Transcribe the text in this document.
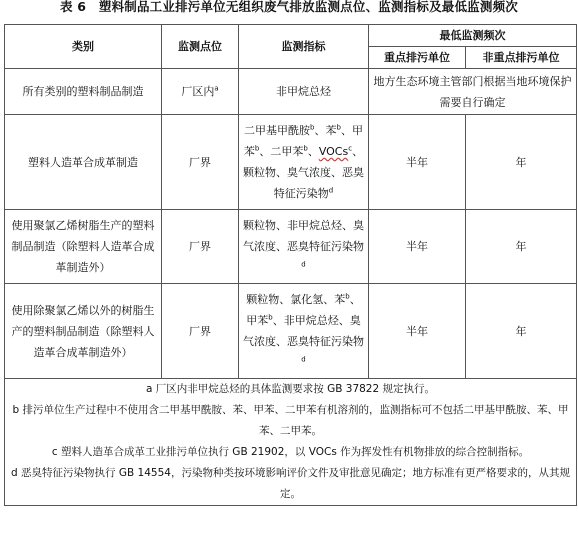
表 6　塑料制品工业排污单位无组织废气排放监测点位、监测指标及最低监测频次
类别	监测点位	监测指标	最低监测频次	
			重点排污单位	非重点排污单位
所有类别的塑料制品制造	厂区内$^a$	非甲烷总烃	地方生态环境主管部门根据当地环境保护需要自行确定	
塑料人造革合成革制造	厂界	二甲基甲酰胺$^b$、苯$^b$、甲苯$^b$、二甲苯$^b$、VOCs$^c$、颗粒物、臭气浓度、恶臭特征污染物$^d$	半年	年
使用聚氯乙烯树脂生产的塑料制品制造（除塑料人造革合成革制造外）	厂界	颗粒物、非甲烷总烃、臭气浓度、恶臭特征污染物$^d$	半年	年
使用除聚氯乙烯以外的树脂生产的塑料制品制造（除塑料人造革合成革制造外）	厂界	颗粒物、氯化氢、苯$^b$、甲苯$^b$、非甲烷总烃、臭气浓度、恶臭特征污染物$^d$	半年	年

a 厂区内非甲烷总烃的具体监测要求按 GB 37822 规定执行。
b 排污单位生产过程中不使用含二甲基甲酰胺、苯、甲苯、二甲苯有机溶剂的，监测指标可不包括二甲基甲酰胺、苯、甲苯、二甲苯。
c 塑料人造革合成革工业排污单位执行 GB 21902，以 VOCs 作为挥发性有机物排放的综合控制指标。
d 恶臭特征污染物执行 GB 14554，污染物种类按环境影响评价文件及审批意见确定；地方标准有更严格要求的，从其规定。				
